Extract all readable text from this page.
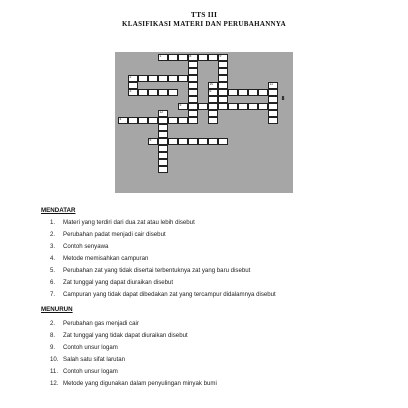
TTS III
KLASIFIKASI MATERI DAN PERUBAHANNYA
1	8	9
2
10	11
3	6
5
12
4
5
8
MENDATAR
1. Materi yang terdiri dari dua zat atau lebih disebut
2. Perubahan padat menjadi cair disebut
3. Contoh senyawa
4. Metode memisahkan campuran
5. Perubahan zat yang tidak disertai terbentuknya zat yang baru disebut
6. Zat tunggal yang dapat diuraikan disebut
7. Campuran yang tidak dapat dibedakan zat yang tercampur didalamnya disebut
MENURUN
2. Perubahan gas menjadi cair
8. Zat tunggal yang tidak dapat diuraikan disebut
9. Contoh unsur logam
10. Salah satu sifat larutan
11. Contoh unsur logam
12. Metode yang digunakan dalam penyulingan minyak bumi
